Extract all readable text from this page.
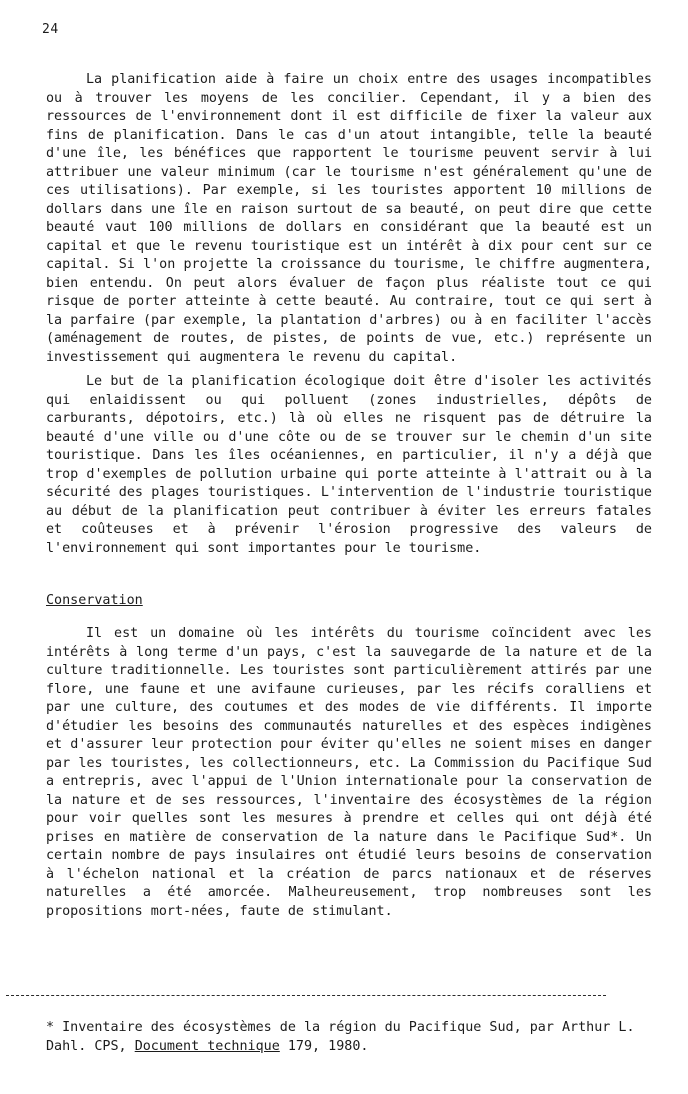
24

La planification aide à faire un choix entre des usages incompatibles ou à trouver les moyens de les concilier. Cependant, il y a bien des ressources de l'environnement dont il est difficile de fixer la valeur aux fins de planification. Dans le cas d'un atout intangible, telle la beauté d'une île, les bénéfices que rapportent le tourisme peuvent servir à lui attribuer une valeur minimum (car le tourisme n'est généralement qu'une de ces utilisations). Par exemple, si les touristes apportent 10 millions de dollars dans une île en raison surtout de sa beauté, on peut dire que cette beauté vaut 100 millions de dollars en considérant que la beauté est un capital et que le revenu touristique est un intérêt à dix pour cent sur ce capital. Si l'on projette la croissance du tourisme, le chiffre augmentera, bien entendu. On peut alors évaluer de façon plus réaliste tout ce qui risque de porter atteinte à cette beauté. Au contraire, tout ce qui sert à la parfaire (par exemple, la plantation d'arbres) ou à en faciliter l'accès (aménagement de routes, de pistes, de points de vue, etc.) représente un investissement qui augmentera le revenu du capital.

Le but de la planification écologique doit être d'isoler les activités qui enlaidissent ou qui polluent (zones industrielles, dépôts de carburants, dépotoirs, etc.) là où elles ne risquent pas de détruire la beauté d'une ville ou d'une côte ou de se trouver sur le chemin d'un site touristique. Dans les îles océaniennes, en particulier, il n'y a déjà que trop d'exemples de pollution urbaine qui porte atteinte à l'attrait ou à la sécurité des plages touristiques. L'intervention de l'industrie touristique au début de la planification peut contribuer à éviter les erreurs fatales et coûteuses et à prévenir l'érosion progressive des valeurs de l'environnement qui sont importantes pour le tourisme.

Conservation

Il est un domaine où les intérêts du tourisme coïncident avec les intérêts à long terme d'un pays, c'est la sauvegarde de la nature et de la culture traditionnelle. Les touristes sont particulièrement attirés par une flore, une faune et une avifaune curieuses, par les récifs coralliens et par une culture, des coutumes et des modes de vie différents. Il importe d'étudier les besoins des communautés naturelles et des espèces indigènes et d'assurer leur protection pour éviter qu'elles ne soient mises en danger par les touristes, les collectionneurs, etc. La Commission du Pacifique Sud a entrepris, avec l'appui de l'Union internationale pour la conservation de la nature et de ses ressources, l'inventaire des écosystèmes de la région pour voir quelles sont les mesures à prendre et celles qui ont déjà été prises en matière de conservation de la nature dans le Pacifique Sud*. Un certain nombre de pays insulaires ont étudié leurs besoins de conservation à l'échelon national et la création de parcs nationaux et de réserves naturelles a été amorcée. Malheureusement, trop nombreuses sont les propositions mort-nées, faute de stimulant.

* Inventaire des écosystèmes de la région du Pacifique Sud, par Arthur L. Dahl. CPS, Document technique 179, 1980.
